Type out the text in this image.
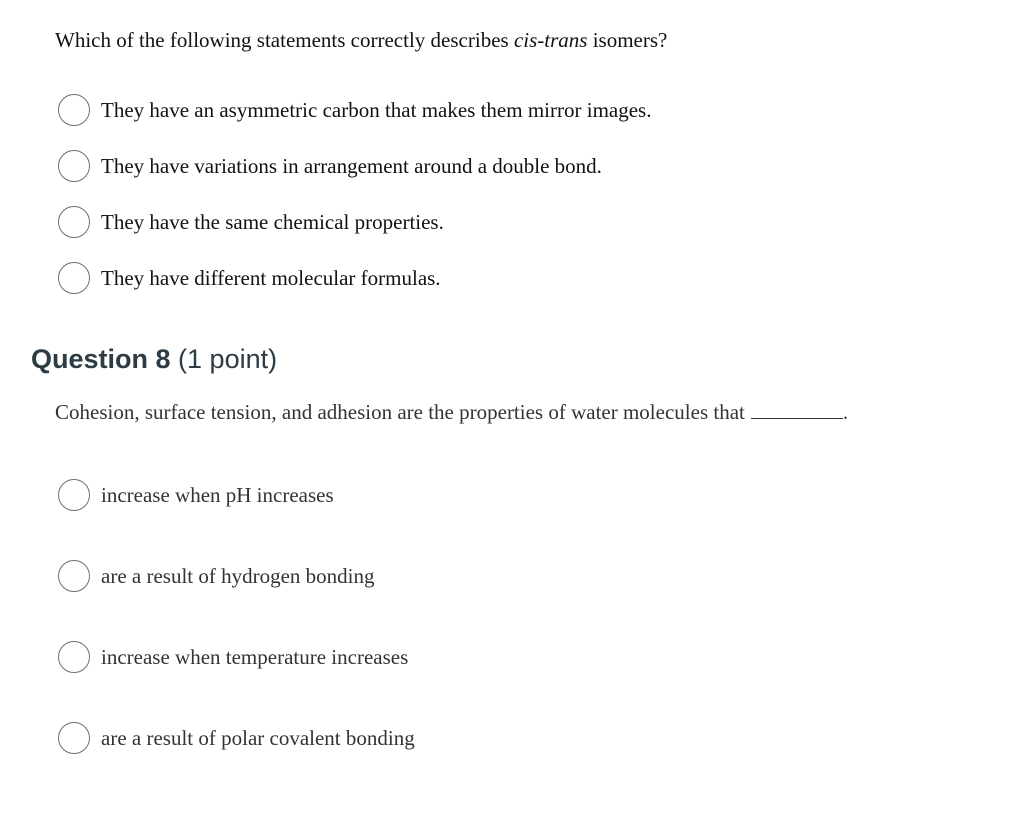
Which of the following statements correctly describes cis-trans isomers?
They have an asymmetric carbon that makes them mirror images.
They have variations in arrangement around a double bond.
They have the same chemical properties.
They have different molecular formulas.
Question 8 (1 point)
Cohesion, surface tension, and adhesion are the properties of water molecules that	.
increase when pH increases
are a result of hydrogen bonding
increase when temperature increases
are a result of polar covalent bonding
